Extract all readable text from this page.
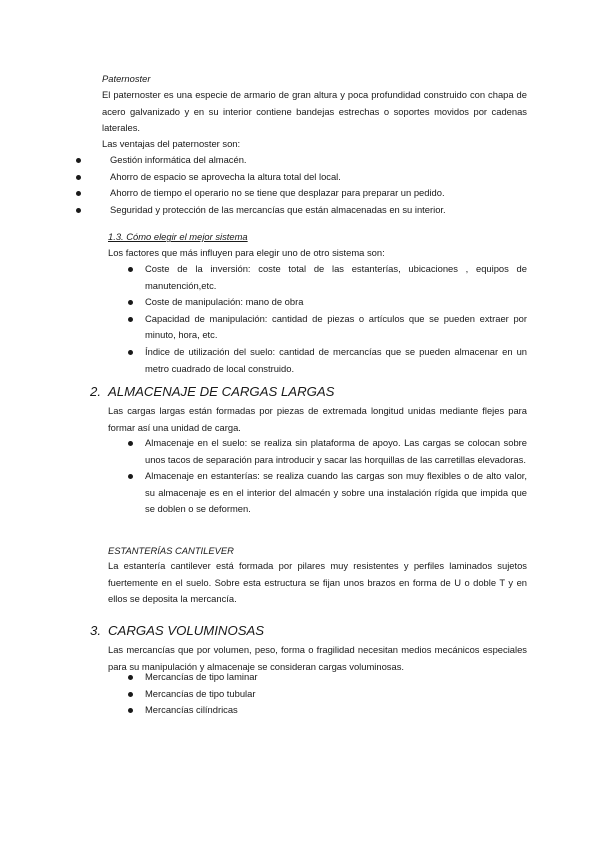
Paternoster

El paternoster es una especie de armario de gran altura y poca profundidad construido con chapa de acero galvanizado y en su interior contiene bandejas estrechas o soportes movidos por cadenas laterales.

Las ventajas del paternoster son:

Gestión informática del almacén.
Ahorro de espacio se aprovecha la altura total del local.
Ahorro de tiempo el operario no se tiene que desplazar para preparar un pedido.
Seguridad y protección de las mercancías que están almacenadas en su interior.

1.3. Cómo elegir el mejor sistema

Los factores que más influyen para elegir uno de otro sistema son:

Coste de la inversión: coste total de las estanterías, ubicaciones , equipos de manutención,etc.
Coste de manipulación: mano de obra
Capacidad de manipulación: cantidad de piezas o artículos que se pueden extraer por minuto, hora, etc.
Índice de utilización del suelo: cantidad de mercancías que se pueden almacenar en un metro cuadrado de local construido.
2. ALMACENAJE DE CARGAS LARGAS

Las cargas largas están formadas por piezas de extremada longitud unidas mediante flejes para formar así una unidad de carga.

Almacenaje en el suelo: se realiza sin plataforma de apoyo. Las cargas se colocan sobre unos tacos de separación para introducir y sacar las horquillas de las carretillas elevadoras.
Almacenaje en estanterías: se realiza cuando las cargas son muy flexibles o de alto valor, su almacenaje es en el interior del almacén y sobre una instalación rígida que impida que se doblen o se deformen.

ESTANTERÍAS CANTILEVER

La estantería cantilever está formada por pilares muy resistentes y perfiles laminados sujetos fuertemente en el suelo. Sobre esta estructura se fijan unos brazos en forma de U o doble T y en ellos se deposita la mercancía.

3. CARGAS VOLUMINOSAS

Las mercancías que por volumen, peso, forma o fragilidad necesitan medios mecánicos especiales para su manipulación y almacenaje se consideran cargas voluminosas.

Mercancías de tipo laminar
Mercancías de tipo tubular
Mercancías cilíndricas
